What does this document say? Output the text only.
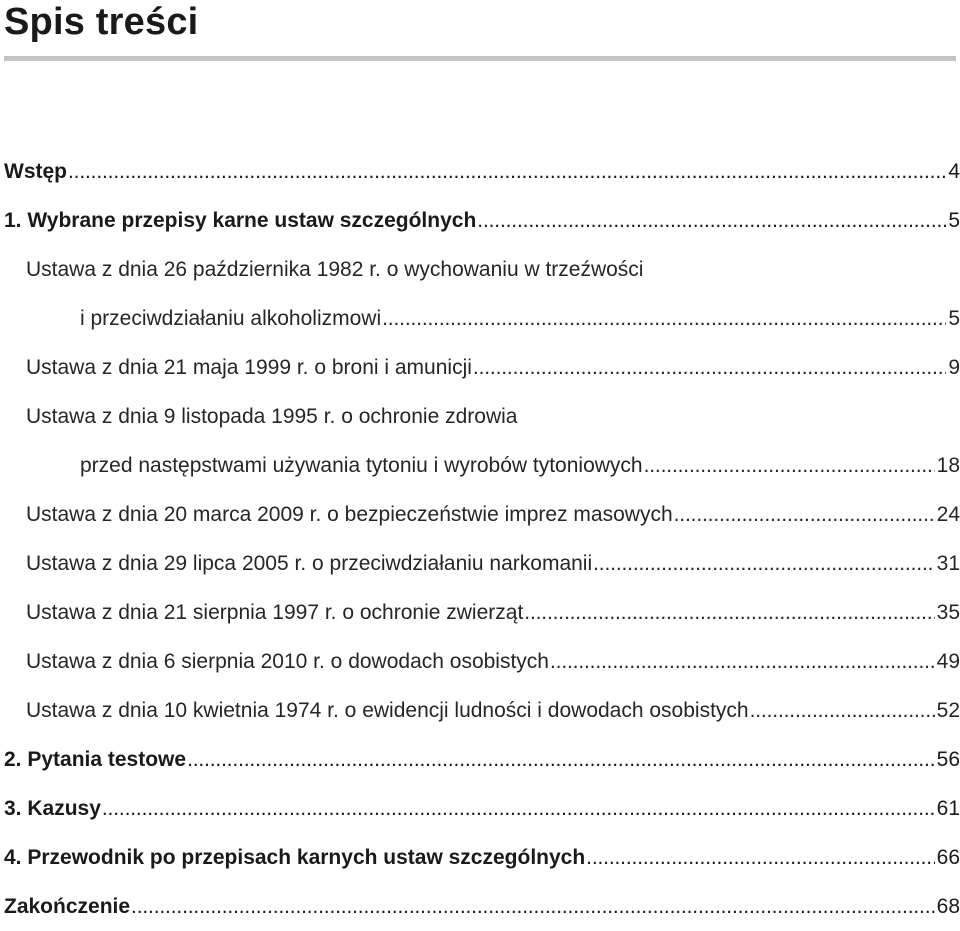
Spis treści
Wstęp . . .	4
1. Wybrane przepisy karne ustaw szczególnych . . .	5
Ustawa z dnia 26 października 1982 r. o wychowaniu w trzeźwości
i przeciwdziałaniu alkoholizmowi . . .	5
Ustawa z dnia 21 maja 1999 r. o broni i amunicji . . .	9
Ustawa z dnia 9 listopada 1995 r. o ochronie zdrowia
przed następstwami używania tytoniu i wyrobów tytoniowych . . .	18
Ustawa z dnia 20 marca 2009 r. o bezpieczeństwie imprez masowych . . .	24
Ustawa z dnia 29 lipca 2005 r. o przeciwdziałaniu narkomanii . . .	31
Ustawa z dnia 21 sierpnia 1997 r. o ochronie zwierząt . . .	35
Ustawa z dnia 6 sierpnia 2010 r. o dowodach osobistych . . .	49
Ustawa z dnia 10 kwietnia 1974 r. o ewidencji ludności i dowodach osobistych . . .	52
2. Pytania testowe . . .	56
3. Kazusy . . .	61
4. Przewodnik po przepisach karnych ustaw szczególnych . . .	66
Zakończenie . . .	68
